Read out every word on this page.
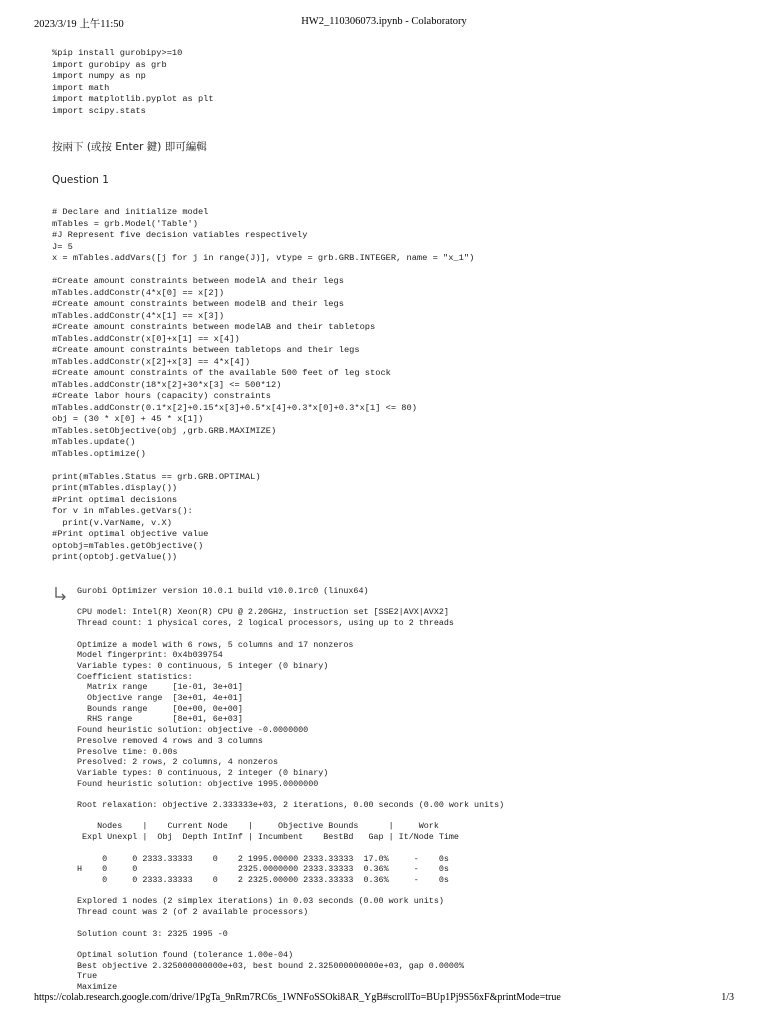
2023/3/19 上午11:50	HW2_110306073.ipynb - Colaboratory
%pip install gurobipy>=10
import gurobipy as grb
import numpy as np
import math
import matplotlib.pyplot as plt
import scipy.stats
按兩下 (或按 Enter 鍵) 即可編輯
Question 1
# Declare and initialize model
mTables = grb.Model('Table')
#J Represent five decision vatiables respectively
J= 5
x = mTables.addVars([j for j in range(J)], vtype = grb.GRB.INTEGER, name = "x_1")

#Create amount constraints between modelA and their legs
mTables.addConstr(4*x[0] == x[2])
#Create amount constraints between modelB and their legs
mTables.addConstr(4*x[1] == x[3])
#Create amount constraints between modelAB and their tabletops
mTables.addConstr(x[0]+x[1] == x[4])
#Create amount constraints between tabletops and their legs
mTables.addConstr(x[2]+x[3] == 4*x[4])
#Create amount constraints of the available 500 feet of leg stock
mTables.addConstr(18*x[2]+30*x[3] <= 500*12)
#Create labor hours (capacity) constraints
mTables.addConstr(0.1*x[2]+0.15*x[3]+0.5*x[4]+0.3*x[0]+0.3*x[1] <= 80)
obj = (30 * x[0] + 45 * x[1])
mTables.setObjective(obj ,grb.GRB.MAXIMIZE)
mTables.update()
mTables.optimize()

print(mTables.Status == grb.GRB.OPTIMAL)
print(mTables.display())
#Print optimal decisions
for v in mTables.getVars():
print(v.VarName, v.X)
#Print optimal objective value
optobj=mTables.getObjective()
print(optobj.getValue())
Gurobi Optimizer version 10.0.1 build v10.0.1rc0 (linux64)

CPU model: Intel(R) Xeon(R) CPU @ 2.20GHz, instruction set [SSE2|AVX|AVX2]
Thread count: 1 physical cores, 2 logical processors, using up to 2 threads

Optimize a model with 6 rows, 5 columns and 17 nonzeros
Model fingerprint: 0x4b039754
Variable types: 0 continuous, 5 integer (0 binary)
Coefficient statistics:
Matrix range     [1e-01, 3e+01]
Objective range  [3e+01, 4e+01]
Bounds range     [0e+00, 0e+00]
RHS range        [8e+01, 6e+03]
Found heuristic solution: objective -0.0000000
Presolve removed 4 rows and 3 columns
Presolve time: 0.00s
Presolved: 2 rows, 2 columns, 4 nonzeros
Variable types: 0 continuous, 2 integer (0 binary)
Found heuristic solution: objective 1995.0000000

Root relaxation: objective 2.333333e+03, 2 iterations, 0.00 seconds (0.00 work units)

Nodes    |    Current Node    |     Objective Bounds      |     Work
Expl Unexpl |  Obj  Depth IntInf | Incumbent    BestBd   Gap | It/Node Time

0     0 2333.33333    0    2 1995.00000 2333.33333  17.0%     -    0s
H    0     0                    2325.0000000 2333.33333  0.36%     -    0s
0     0 2333.33333    0    2 2325.00000 2333.33333  0.36%     -    0s

Explored 1 nodes (2 simplex iterations) in 0.03 seconds (0.00 work units)
Thread count was 2 (of 2 available processors)

Solution count 3: 2325 1995 -0

Optimal solution found (tolerance 1.00e-04)
Best objective 2.325000000000e+03, best bound 2.325000000000e+03, gap 0.0000%
True
Maximize
https://colab.research.google.com/drive/1PgTa_9nRm7RC6s_1WNFoSSOki8AR_YgB#scrollTo=BUp1Pj9S56xF&printMode=true	1/3
